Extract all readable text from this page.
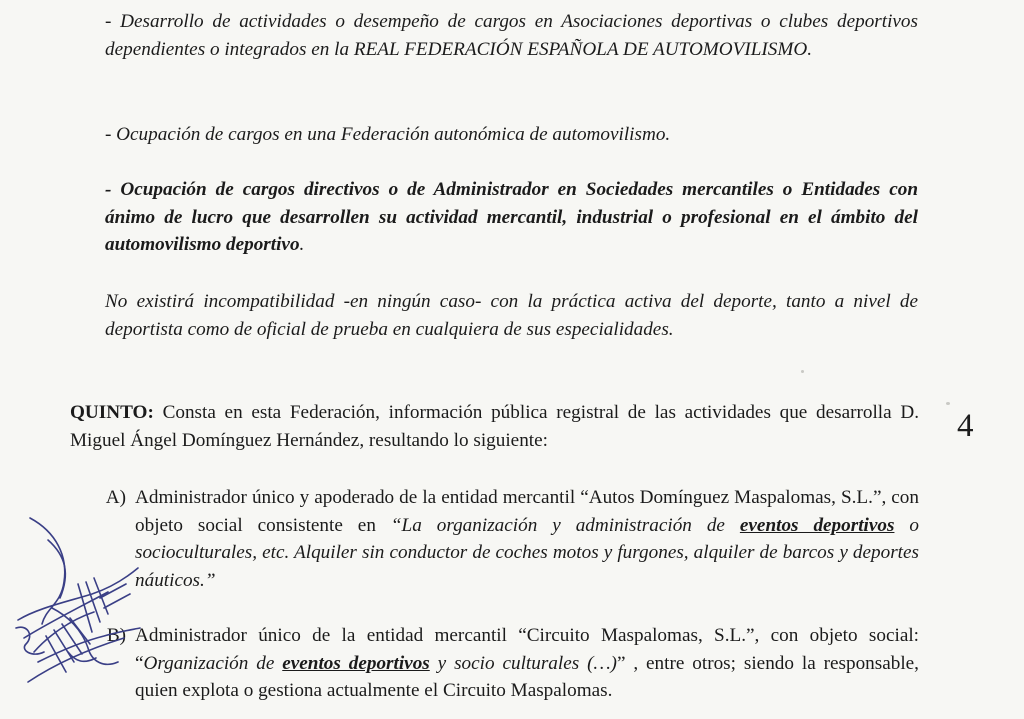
- Desarrollo de actividades o desempeño de cargos en Asociaciones deportivas o clubes deportivos dependientes o integrados en la REAL FEDERACIÓN ESPAÑOLA DE AUTOMOVILISMO.
- Ocupación de cargos en una Federación autonómica de automovilismo.
- Ocupación de cargos directivos o de Administrador en Sociedades mercantiles o Entidades con ánimo de lucro que desarrollen su actividad mercantil, industrial o profesional en el ámbito del automovilismo deportivo.
No existirá incompatibilidad -en ningún caso- con la práctica activa del deporte, tanto a nivel de deportista como de oficial de prueba en cualquiera de sus especialidades.
QUINTO: Consta en esta Federación, información pública registral de las actividades que desarrolla D. Miguel Ángel Domínguez Hernández, resultando lo siguiente:	4
A) Administrador único y apoderado de la entidad mercantil “Autos Domínguez Maspalomas, S.L.”, con objeto social consistente en “La organización y administración de eventos deportivos o socioculturales, etc. Alquiler sin conductor de coches motos y furgones, alquiler de barcos y deportes náuticos.”
B) Administrador único de la entidad mercantil “Circuito Maspalomas, S.L.”, con objeto social: “Organización de eventos deportivos y socio culturales (…)” , entre otros; siendo la responsable, quien explota o gestiona actualmente el Circuito Maspalomas.
